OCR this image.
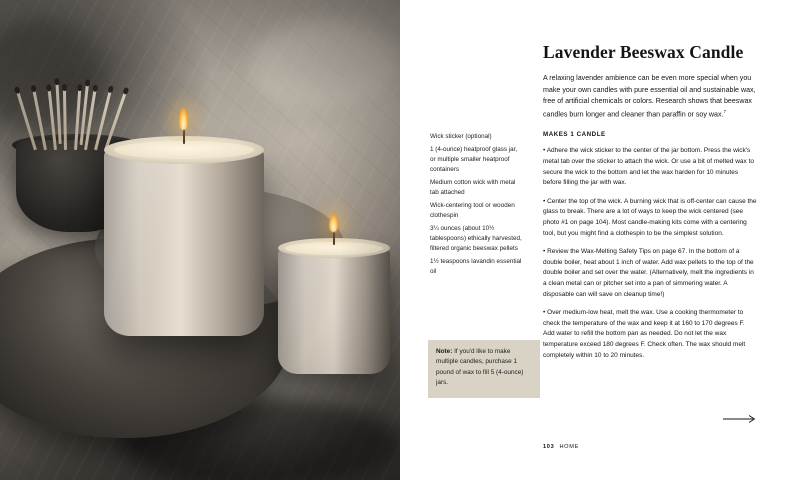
Wick sticker (optional)
1 (4-ounce) heatproof glass jar, or multiple smaller heatproof containers
Medium cotton wick with metal tab attached
Wick-centering tool or wooden clothespin
3¼ ounces (about 10½ tablespoons) ethically harvested, filtered organic beeswax pellets
1½ teaspoons lavandin essential oil
Note: If you'd like to make multiple candles, purchase 1 pound of wax to fill 5 (4-ounce) jars.
Lavender Beeswax Candle

A relaxing lavender ambience can be even more special when you make your own candles with pure essential oil and sustainable wax, free of artificial chemicals or colors. Research shows that beeswax candles burn longer and cleaner than paraffin or soy wax.$^7$

MAKES 1 CANDLE

• Adhere the wick sticker to the center of the jar bottom. Press the wick's metal tab over the sticker to attach the wick. Or use a bit of melted wax to secure the wick to the bottom and let the wax harden for 10 minutes before filling the jar with wax.

• Center the top of the wick. A burning wick that is off-center can cause the glass to break. There are a lot of ways to keep the wick centered (see photo #1 on page 104). Most candle-making kits come with a centering tool, but you might find a clothespin to be the simplest solution.

• Review the Wax-Melting Safety Tips on page 67. In the bottom of a double boiler, heat about 1 inch of water. Add wax pellets to the top of the double boiler and set over the water. (Alternatively, melt the ingredients in a clean metal can or pitcher set into a pan of simmering water. A disposable can will save on cleanup time!)

• Over medium-low heat, melt the wax. Use a cooking thermometer to check the temperature of the wax and keep it at 160 to 170 degrees F. Add water to refill the bottom pan as needed. Do not let the wax temperature exceed 180 degrees F. Check often. The wax should melt completely within 10 to 20 minutes.

103 HOME
